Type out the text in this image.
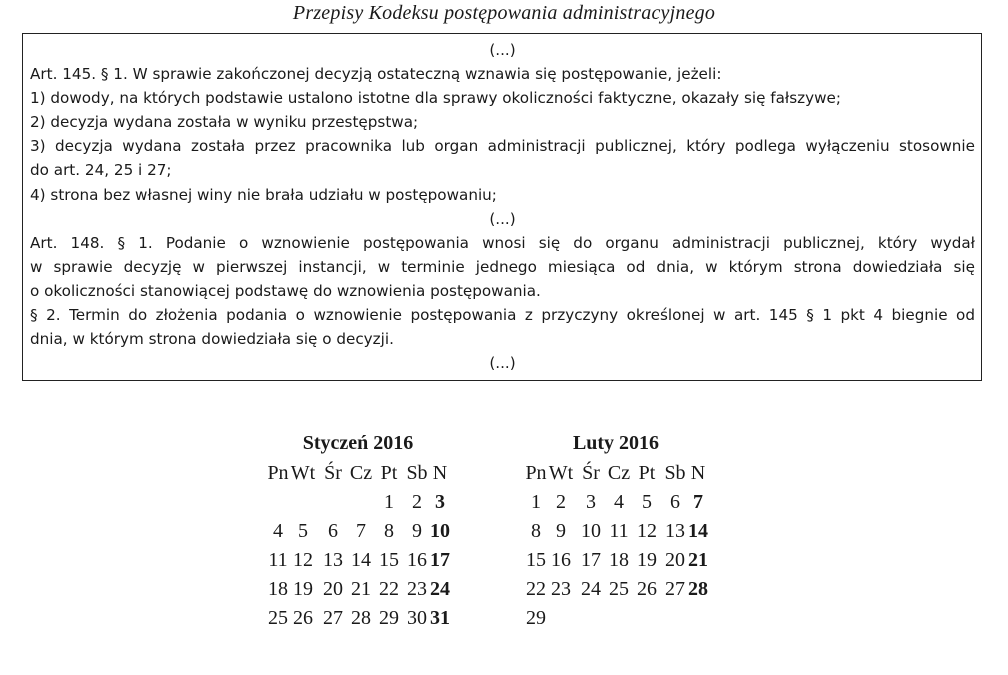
Przepisy Kodeksu postępowania administracyjnego

(...)

Art. 145. § 1. W sprawie zakończonej decyzją ostateczną wznawia się postępowanie, jeżeli:

1) dowody, na których podstawie ustalono istotne dla sprawy okoliczności faktyczne, okazały się fałszywe;

2) decyzja wydana została w wyniku przestępstwa;

3) decyzja wydana została przez pracownika lub organ administracji publicznej, który podlega wyłączeniu stosownie

do art. 24, 25 i 27;

4) strona bez własnej winy nie brała udziału w postępowaniu;

(...)

Art. 148. § 1. Podanie o wznowienie postępowania wnosi się do organu administracji publicznej, który wydał

w sprawie decyzję w pierwszej instancji, w terminie jednego miesiąca od dnia, w którym strona dowiedziała się

o okoliczności stanowiącej podstawę do wznowienia postępowania.

§ 2. Termin do złożenia podania o wznowienie postępowania z przyczyny określonej w art. 145 § 1 pkt 4 biegnie od

dnia, w którym strona dowiedziała się o decyzji.

(...)

Styczeń 2016
Pn Wt Śr Cz Pt Sb N
1 2 3
4 5	6 7 8 9 10
11 12 13 14 15 16 17
18 19 20 21 22 23 24
25 26 27 28 29 30 31
Luty 2016
Pn Wt Śr Cz Pt Sb N
1 2	3 4 5 6 7
8 9 10 11 12 13 14
15 16 17 18 19 20 21
22 23 24 25 26 27 28
29
